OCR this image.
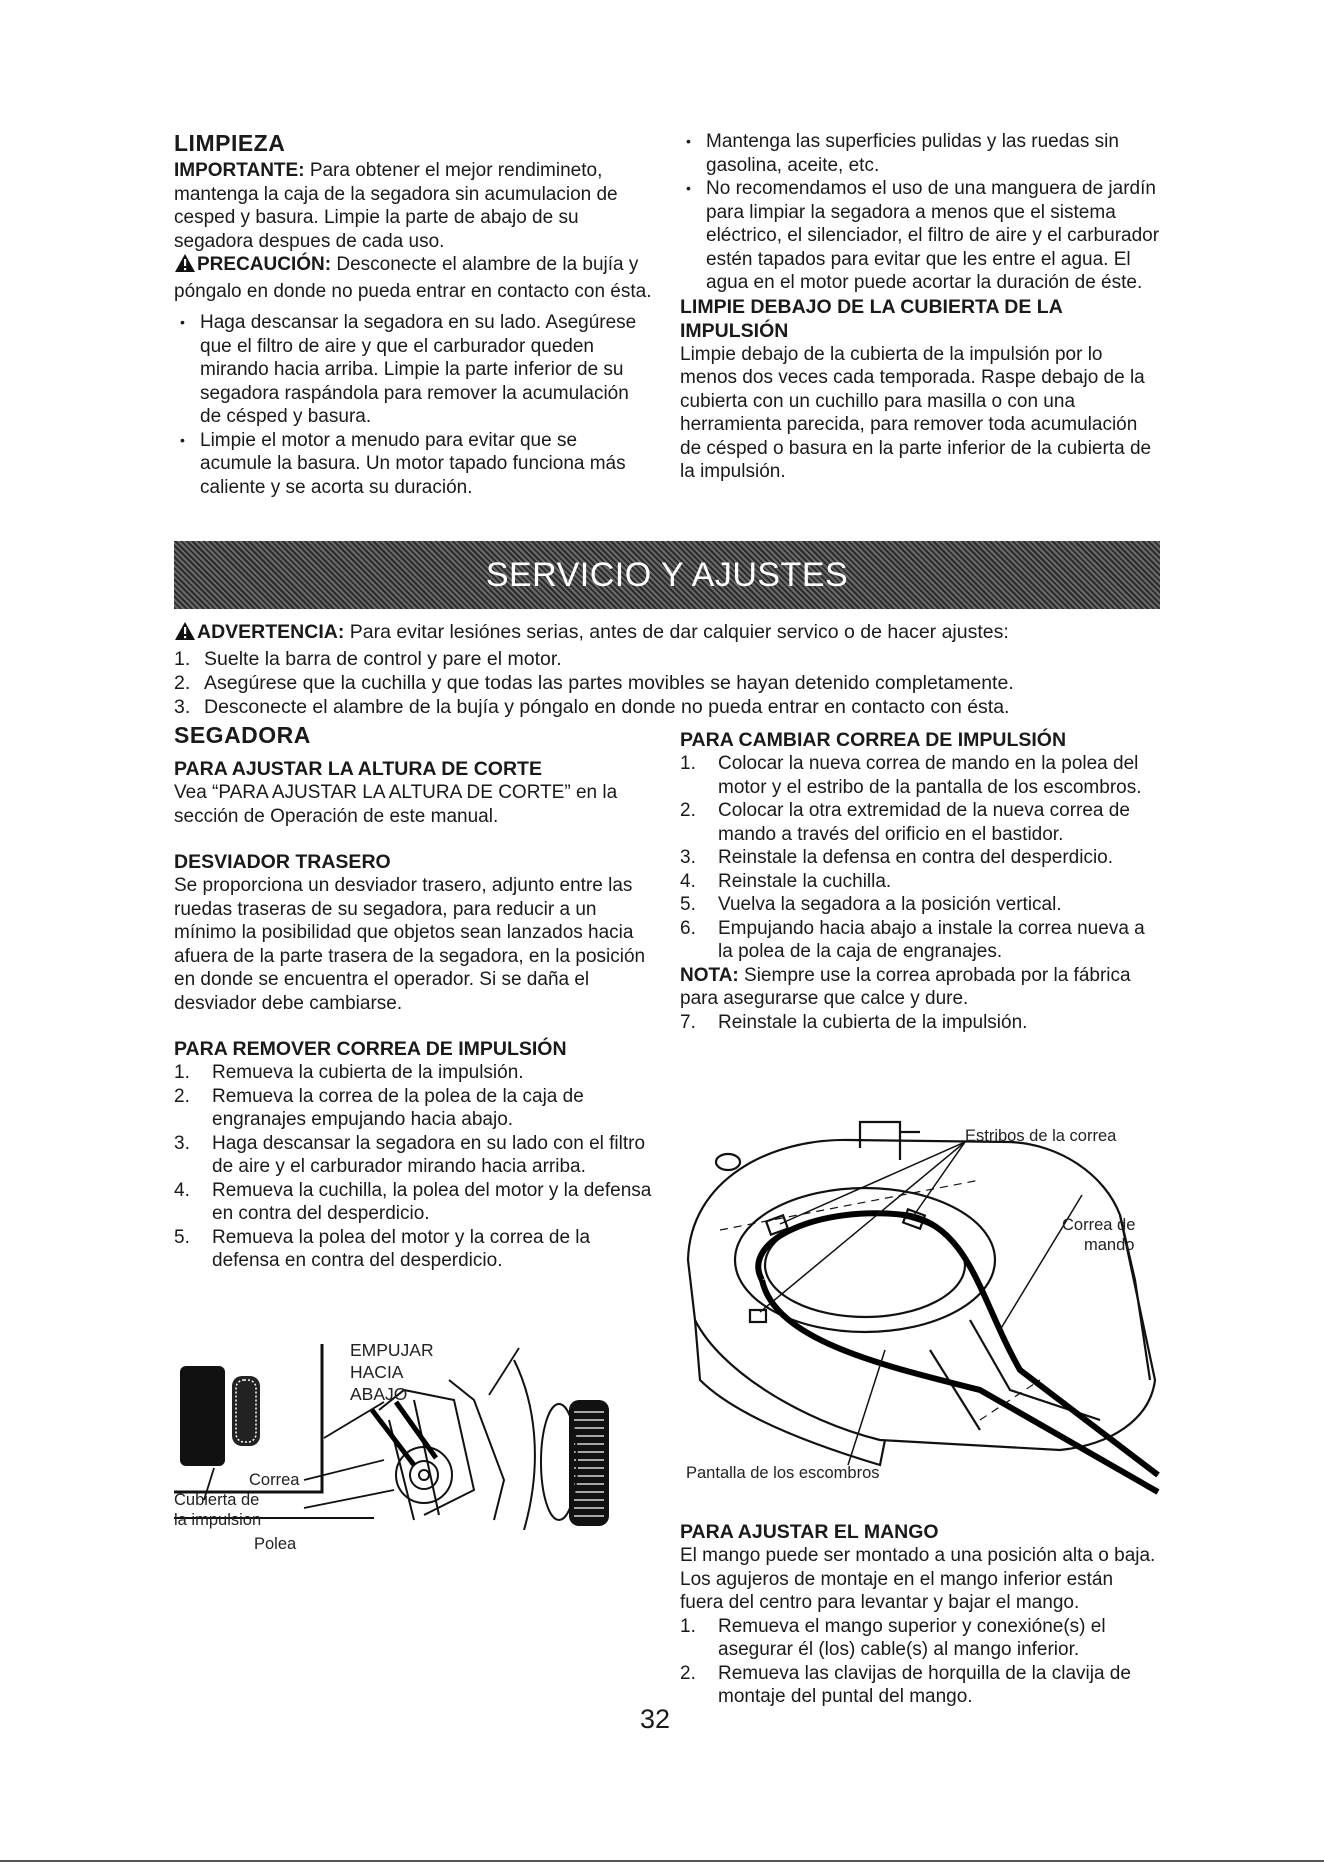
LIMPIEZA

IMPORTANTE: Para obtener el mejor rendimineto, mantenga la caja de la segadora sin acumulacion de cesped y basura. Limpie la parte de abajo de su segadora despues de cada uso.

PRECAUCIÓN: Desconecte el alambre de la bujía y póngalo en donde no pueda entrar en contacto con ésta.

• Haga descansar la segadora en su lado. Asegúrese que el filtro de aire y que el carburador queden mirando hacia arriba. Limpie la parte inferior de su segadora raspándola para remover la acumulación de césped y basura.
• Limpie el motor a menudo para evitar que se acumule la basura. Un motor tapado funciona más caliente y se acorta su duración.
• Mantenga las superficies pulidas y las ruedas sin gasolina, aceite, etc.
• No recomendamos el uso de una manguera de jardín para limpiar la segadora a menos que el sistema eléctrico, el silenciador, el filtro de aire y el carburador estén tapados para evitar que les entre el agua. El agua en el motor puede acortar la duración de éste.
LIMPIE DEBAJO DE LA CUBIERTA DE LA IMPULSIÓN

Limpie debajo de la cubierta de la impulsión por lo menos dos veces cada temporada. Raspe debajo de la cubierta con un cuchillo para masilla o con una herramienta parecida, para remover toda acumulación de césped o basura en la parte inferior de la cubierta de la impulsión.

SERVICIO Y AJUSTES

ADVERTENCIA: Para evitar lesiónes serias, antes de dar calquier servico o de hacer ajustes:

1. Suelte la barra de control y pare el motor.
2. Asegúrese que la cuchilla y que todas las partes movibles se hayan detenido completamente.
3. Desconecte el alambre de la bujía y póngalo en donde no pueda entrar en contacto con ésta.
SEGADORA
PARA AJUSTAR LA ALTURA DE CORTE

Vea “PARA AJUSTAR LA ALTURA DE CORTE” en la sección de Operación de este manual.

DESVIADOR TRASERO

Se proporciona un desviador trasero, adjunto entre las ruedas traseras de su segadora, para reducir a un mínimo la posibilidad que objetos sean lanzados hacia afuera de la parte trasera de la segadora, en la posición en donde se encuentra el operador. Si se daña el desviador debe cambiarse.

PARA REMOVER CORREA DE IMPULSIÓN
1.	Remueva la cubierta de la impulsión.
2.	Remueva la correa de la polea de la caja de engranajes empujando hacia abajo.
3.	Haga descansar la segadora en su lado con el filtro de aire y el carburador mirando hacia arriba.
4.	Remueva la cuchilla, la polea del motor y la defensa en contra del desperdicio.
5.	Remueva la polea del motor y la correa de la defensa en contra del desperdicio.
PARA CAMBIAR CORREA DE IMPULSIÓN
1.	Colocar la nueva correa de mando en la polea del motor y el estribo de la pantalla de los escombros.
2.	Colocar la otra extremidad de la nueva correa de mando a través del orificio en el bastidor.
3.	Reinstale la defensa en contra del desperdicio.
4.	Reinstale la cuchilla.
5.	Vuelva la segadora a la posición vertical.
6.	Empujando hacia abajo a instale la correa nueva a la polea de la caja de engranajes.

NOTA: Siempre use la correa aprobada por la fábrica para asegurarse que calce y dure.

7.	Reinstale la cubierta de la impulsión.
Estribos de la correa
Correa de
mando
Pantalla de los escombros
EMPUJAR
HACIA
ABAJO
Correa
Cubierta de
la impulsion
Polea
PARA AJUSTAR EL MANGO

El mango puede ser montado a una posición alta o baja. Los agujeros de montaje en el mango inferior están fuera del centro para levantar y bajar el mango.

1.	Remueva el mango superior y conexióne(s) el asegurar él (los) cable(s) al mango inferior.
2.	Remueva las clavijas de horquilla de la clavija de montaje del puntal del mango.
32
